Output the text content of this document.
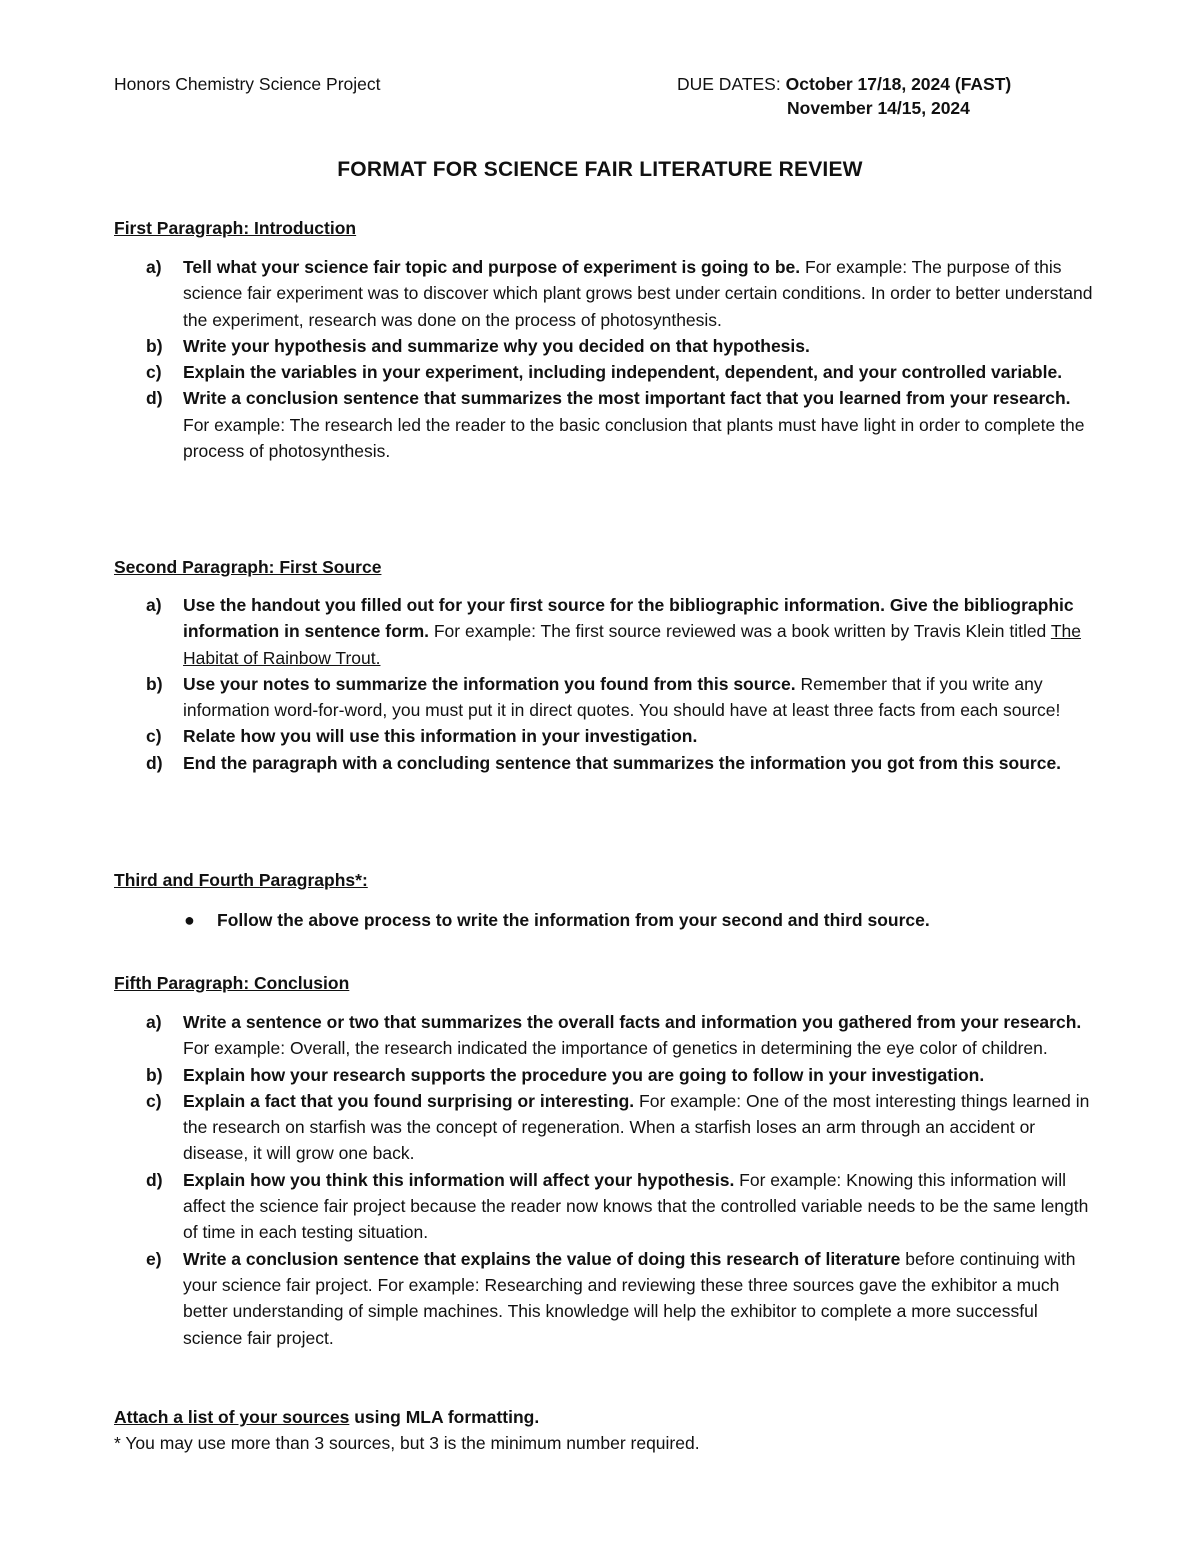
Honors Chemistry Science Project	DUE DATES: October 17/18, 2024 (FAST)
November 14/15, 2024
FORMAT FOR SCIENCE FAIR LITERATURE REVIEW
First Paragraph: Introduction
a) Tell what your science fair topic and purpose of experiment is going to be. For example: The purpose of this science fair experiment was to discover which plant grows best under certain conditions. In order to better understand the experiment, research was done on the process of photosynthesis.
b) Write your hypothesis and summarize why you decided on that hypothesis.
c) Explain the variables in your experiment, including independent, dependent, and your controlled variable.
d) Write a conclusion sentence that summarizes the most important fact that you learned from your research.
For example: The research led the reader to the basic conclusion that plants must have light in order to complete the process of photosynthesis.
Second Paragraph: First Source
a) Use the handout you filled out for your first source for the bibliographic information. Give the bibliographic information in sentence form. For example: The first source reviewed was a book written by Travis Klein titled The Habitat of Rainbow Trout.
b) Use your notes to summarize the information you found from this source. Remember that if you write any information word-for-word, you must put it in direct quotes. You should have at least three facts from each source!
c) Relate how you will use this information in your investigation.
d) End the paragraph with a concluding sentence that summarizes the information you got from this source.
Third and Fourth Paragraphs*:
● Follow the above process to write the information from your second and third source.
Fifth Paragraph: Conclusion
a) Write a sentence or two that summarizes the overall facts and information you gathered from your research. For example: Overall, the research indicated the importance of genetics in determining the eye color of children.
b) Explain how your research supports the procedure you are going to follow in your investigation.
c) Explain a fact that you found surprising or interesting. For example: One of the most interesting things learned in the research on starfish was the concept of regeneration. When a starfish loses an arm through an accident or disease, it will grow one back.
d) Explain how you think this information will affect your hypothesis. For example: Knowing this information will affect the science fair project because the reader now knows that the controlled variable needs to be the same length of time in each testing situation.
e) Write a conclusion sentence that explains the value of doing this research of literature before continuing with your science fair project. For example: Researching and reviewing these three sources gave the exhibitor a much better understanding of simple machines. This knowledge will help the exhibitor to complete a more successful science fair project.
Attach a list of your sources using MLA formatting.
* You may use more than 3 sources, but 3 is the minimum number required.
